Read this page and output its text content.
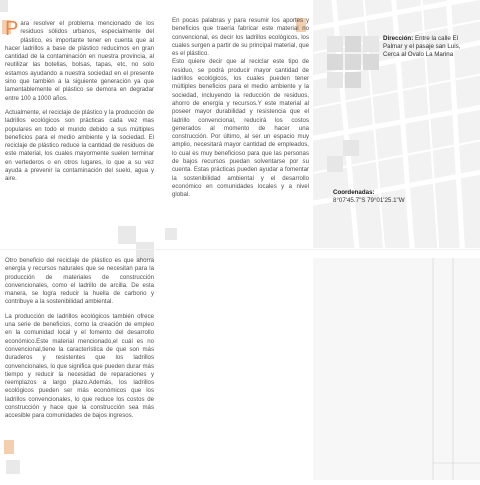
Para resolver el problema mencionado de los residuos sólidos urbanos, especialmente del plástico, es importante tener en cuenta que al hacer ladrillos a base de plástico reducimos en gran cantidad de la contaminación en nuestra provincia, al reutilizar las botellas, bolsas, tapas, etc, no solo estamos ayudando a nuestra sociedad en el presente sino que también a la siguiente generación ya que lamentablemente el plástico se demora en degradar entre 100 a 1000 años.

Actualmente, el reciclaje de plástico y la producción de ladrillos ecológicos son prácticas cada vez mas populares en todo el mundo debido a sus múltiples beneficios para el medio ambiente y la sociedad. El reciclaje de plástico reduce la cantidad de residuos de este material, los cuales mayormente suelen terminar en vertederos o en otros lugares, lo que a su vez ayuda a prevenir la contaminación del suelo, agua y aire.

En pocas palabras y para resumir los aportes y beneficios que traería fabricar este material no convencional, es decir los ladrillos ecológicos, los cuales surgen a partir de su principal material, que es el plástico.

Esto quiere decir que al reciclar este tipo de residuo, se podrá producir mayor cantidad de ladrillos ecológicos, los cuales pueden tener múltiples beneficios para el medio ambiente y la sociedad, incluyendo la reducción de residuos, ahorro de energía y recursos.Y este material al poseer mayor durabilidad y resistencia que el ladrillo convencional, reducirá los costos generados al momento de hacer una construcción. Por último, al ser un espacio muy amplio, necesitará mayor cantidad de empleados, lo cual es muy beneficioso para que las personas de bajos recursos puedan solventarse por su cuenta. Estas prácticas pueden ayudar a fomentar la sostenibilidad ambiental y el desarrollo económico en comunidades locales y a nivel global.

Dirección: Entre la calle El Palmar y el pasaje san Luis, Cerca al Ovalo La Marina
Coordenadas:
8°07'45.7"S 79°01'25.1"W

Otro beneficio del reciclaje de plástico es que ahorra energía y recursos naturales que se necesitan para la producción de materiales de construcción convencionales, como el ladrillo de arcilla. De esta manera, se logra reducir la huella de carbono y contribuye a la sostenibilidad ambiental.

La producción de ladrillos ecológicos también ofrece una serie de beneficios, como la creación de empleo en la comunidad local y el fomento del desarrollo económico.Este material mencionado,el cuál es no convencional,tiene la característica de que son más duraderos y resistentes que los ladrillos convencionales, lo que significa que pueden durar más tiempo y reducir la necesidad de reparaciones y reemplazos a largo plazo.Además, los ladrillos ecológicos pueden ser más económicos que los ladrillos convencionales, lo que reduce los costos de construcción y hace que la construcción sea más accesible para comunidades de bajos ingresos.
